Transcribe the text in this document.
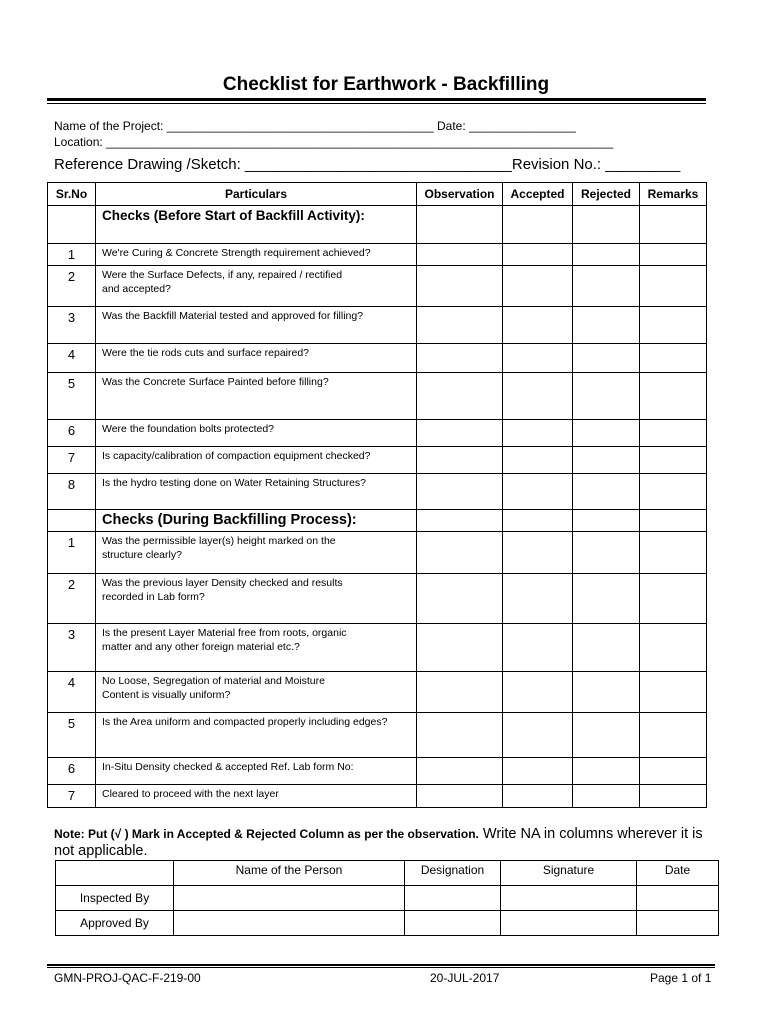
Checklist for Earthwork - Backfilling
Name of the Project: ________________________________________ Date: ________________
Location: ____________________________________________________________________________
Reference Drawing /Sketch: ________________________________Revision No.: _________
Sr.No	Particulars	Observation	Accepted	Rejected	Remarks
	Checks (Before Start of Backfill Activity):				
1	We're Curing & Concrete Strength requirement achieved?				
2	Were the Surface Defects, if any, repaired / rectified
and accepted?				
3	Was the Backfill Material tested and approved for filling?				
4	Were the tie rods cuts and surface repaired?				
5	Was the Concrete Surface Painted before filling?				
6	Were the foundation bolts protected?				
7	Is capacity/calibration of compaction equipment checked?				
8	Is the hydro testing done on Water Retaining Structures?				
	Checks (During Backfilling Process):				
1	Was the permissible layer(s) height marked on the
structure clearly?				
2	Was the previous layer Density checked and results
recorded in Lab form?				
3	Is the present Layer Material free from roots, organic
matter and any other foreign material etc.?				
4	No Loose, Segregation of material and Moisture
Content is visually uniform?				
5	Is the Area uniform and compacted properly including edges?				
6	In-Situ Density checked & accepted Ref. Lab form No:				
7	Cleared to proceed with the next layer				
Note: Put (√ ) Mark in Accepted & Rejected Column as per the observation. Write NA in columns wherever it is not applicable.
	Name of the Person	Designation	Signature	Date
Inspected By				
Approved By				
GMN-PROJ-QAC-F-219-00	20-JUL-2017	Page 1 of 1
